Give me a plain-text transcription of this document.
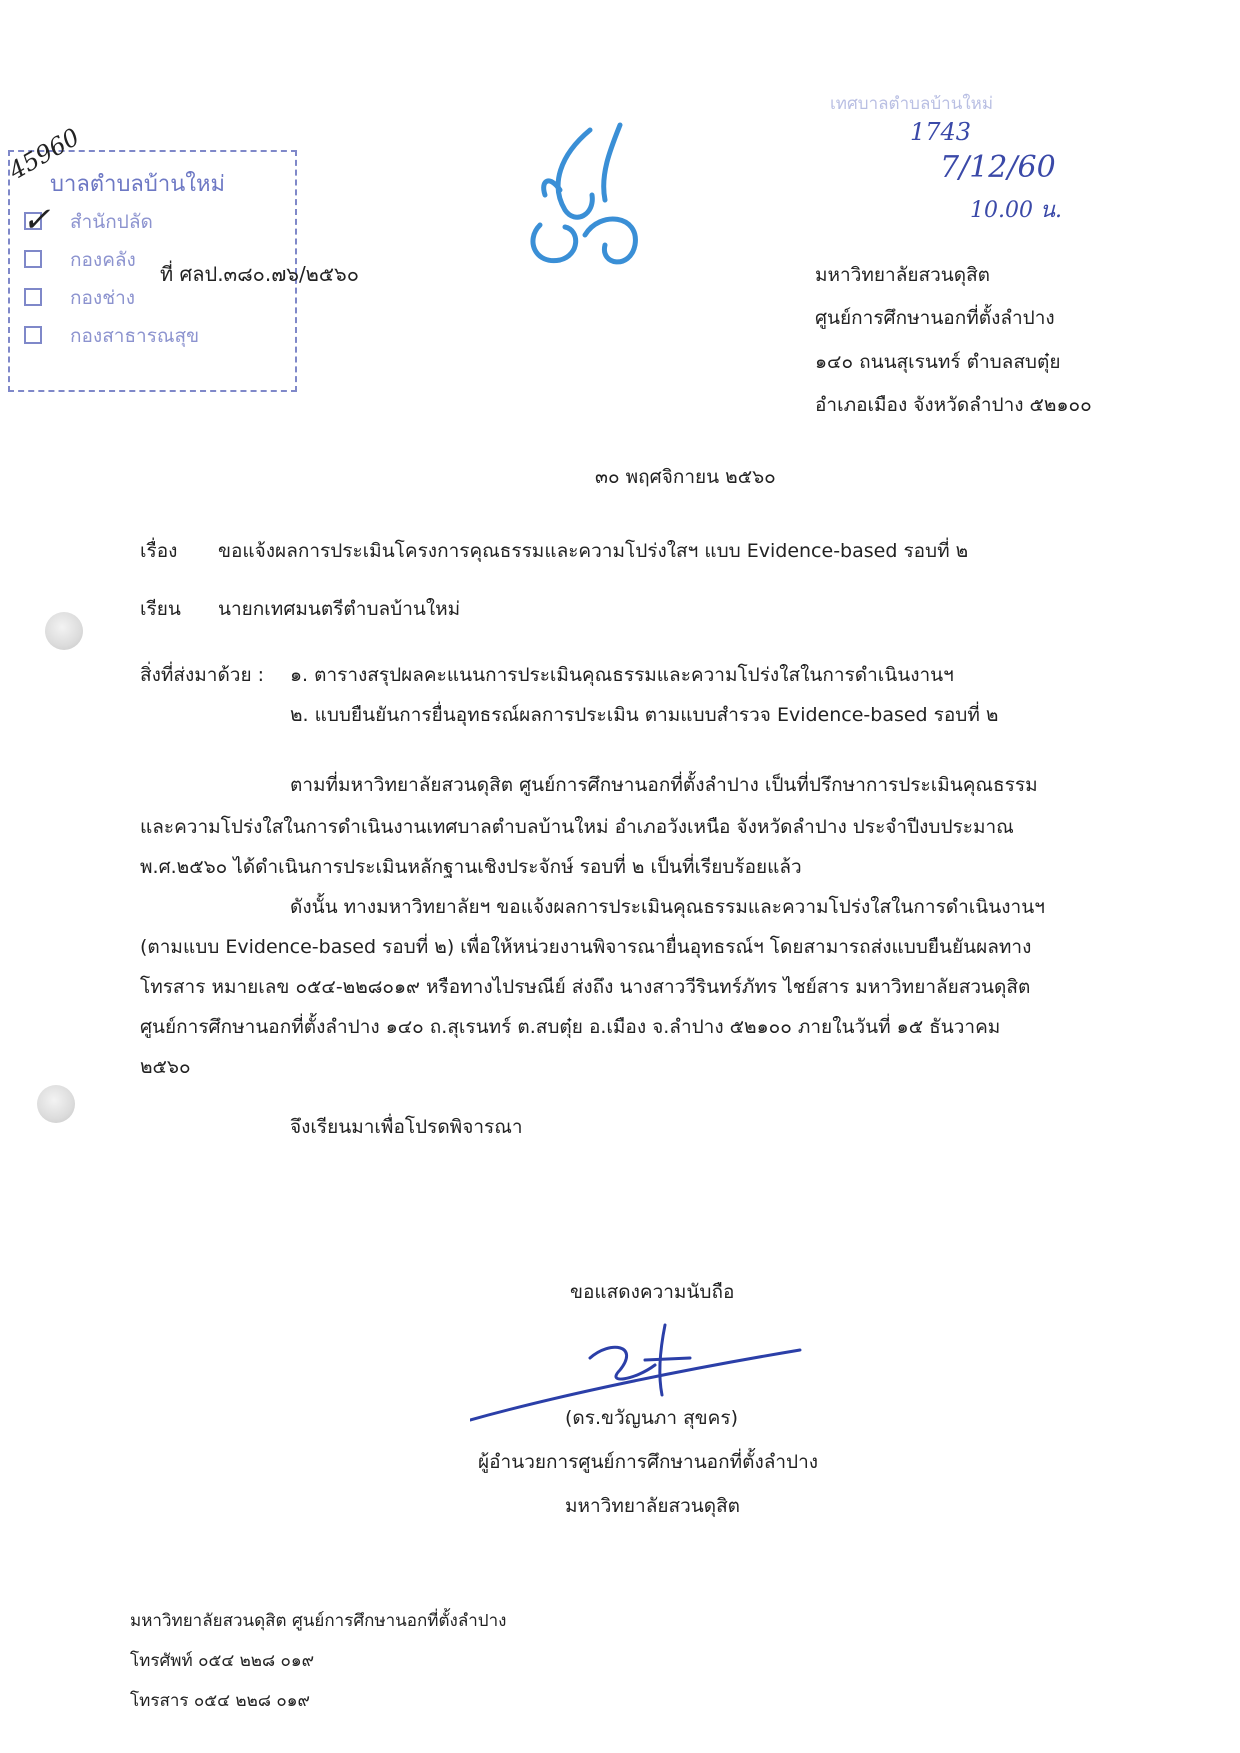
บาลตำบลบ้านใหม่
สำนักปลัด
กองคลัง
กองช่าง
กองสาธารณสุข
45960
✓
ที่ ศลป.๓๘๐.๗๖/๒๕๖๐
เทศบาลตำบลบ้านใหม่
1743
7/12/60
10.00 น.
มหาวิทยาลัยสวนดุสิต
ศูนย์การศึกษานอกที่ตั้งลำปาง
๑๔๐ ถนนสุเรนทร์ ตำบลสบตุ๋ย
อำเภอเมือง จังหวัดลำปาง ๕๒๑๐๐
๓๐ พฤศจิกายน ๒๕๖๐
เรื่อง ขอแจ้งผลการประเมินโครงการคุณธรรมและความโปร่งใสฯ แบบ Evidence-based รอบที่ ๒
เรียน นายกเทศมนตรีตำบลบ้านใหม่
สิ่งที่ส่งมาด้วย : ๑. ตารางสรุปผลคะแนนการประเมินคุณธรรมและความโปร่งใสในการดำเนินงานฯ
๒. แบบยืนยันการยื่นอุทธรณ์ผลการประเมิน ตามแบบสำรวจ Evidence-based รอบที่ ๒
ตามที่มหาวิทยาลัยสวนดุสิต ศูนย์การศึกษานอกที่ตั้งลำปาง เป็นที่ปรึกษาการประเมินคุณธรรม
และความโปร่งใสในการดำเนินงานเทศบาลตำบลบ้านใหม่ อำเภอวังเหนือ จังหวัดลำปาง ประจำปีงบประมาณ
พ.ศ.๒๕๖๐ ได้ดำเนินการประเมินหลักฐานเชิงประจักษ์ รอบที่ ๒ เป็นที่เรียบร้อยแล้ว
ดังนั้น ทางมหาวิทยาลัยฯ ขอแจ้งผลการประเมินคุณธรรมและความโปร่งใสในการดำเนินงานฯ
(ตามแบบ Evidence-based รอบที่ ๒) เพื่อให้หน่วยงานพิจารณายื่นอุทธรณ์ฯ โดยสามารถส่งแบบยืนยันผลทาง
โทรสาร หมายเลข ๐๕๔-๒๒๘๐๑๙ หรือทางไปรษณีย์ ส่งถึง นางสาววีรินทร์ภัทร ไชย์สาร มหาวิทยาลัยสวนดุสิต
ศูนย์การศึกษานอกที่ตั้งลำปาง ๑๔๐ ถ.สุเรนทร์ ต.สบตุ๋ย อ.เมือง จ.ลำปาง ๕๒๑๐๐ ภายในวันที่ ๑๕ ธันวาคม
๒๕๖๐
จึงเรียนมาเพื่อโปรดพิจารณา
ขอแสดงความนับถือ
(ดร.ขวัญนภา สุขคร)
ผู้อำนวยการศูนย์การศึกษานอกที่ตั้งลำปาง
มหาวิทยาลัยสวนดุสิต
มหาวิทยาลัยสวนดุสิต ศูนย์การศึกษานอกที่ตั้งลำปาง
โทรศัพท์ ๐๕๔ ๒๒๘ ๐๑๙
โทรสาร ๐๕๔ ๒๒๘ ๐๑๙
